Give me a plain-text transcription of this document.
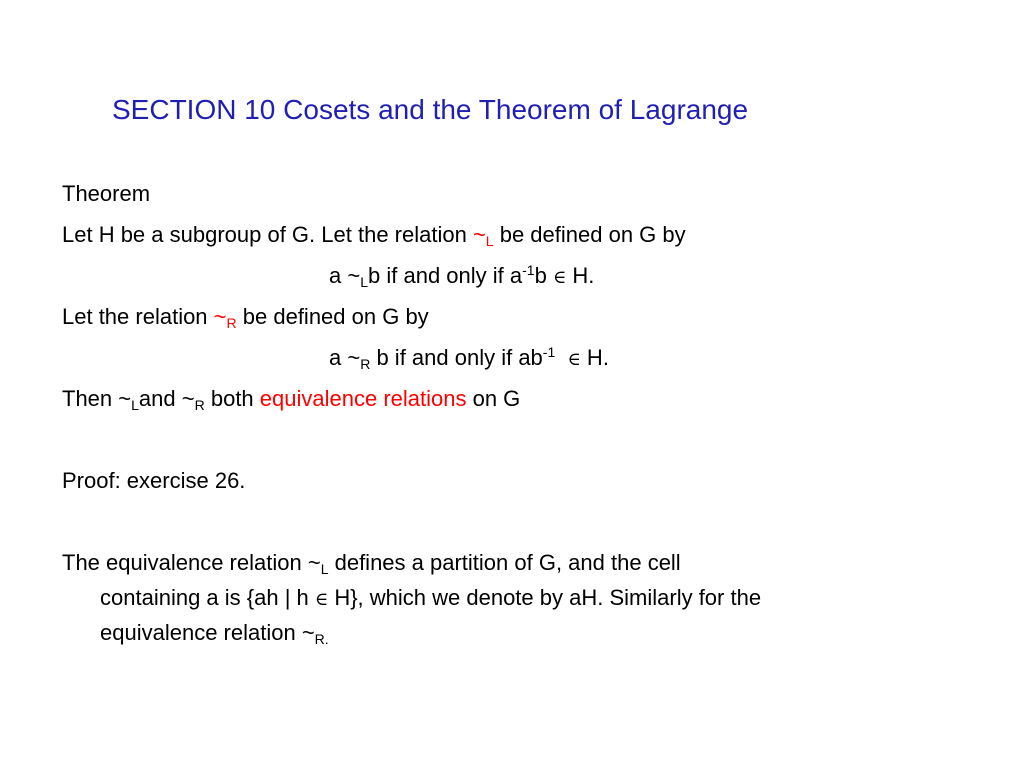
SECTION 10 Cosets and the Theorem of Lagrange
Theorem
Let H be a subgroup of G. Let the relation $\sim_L$ be defined on G by
a $\sim_Lb$ if and only if $a^{-1}b$ ∈ H.
Let the relation $\sim_R$ be defined on G by
a $\sim_R$ b if and only if $ab^{-1}$ ∈ H.
Then $\sim_Land$ $\sim_R$ both equivalence relations on G
Proof: exercise 26.
The equivalence relation $\sim_L$ defines a partition of G, and the cell
containing a is {ah | h ∈ H}, which we denote by aH. Similarly for the
equivalence relation $\sim_{R.}$
